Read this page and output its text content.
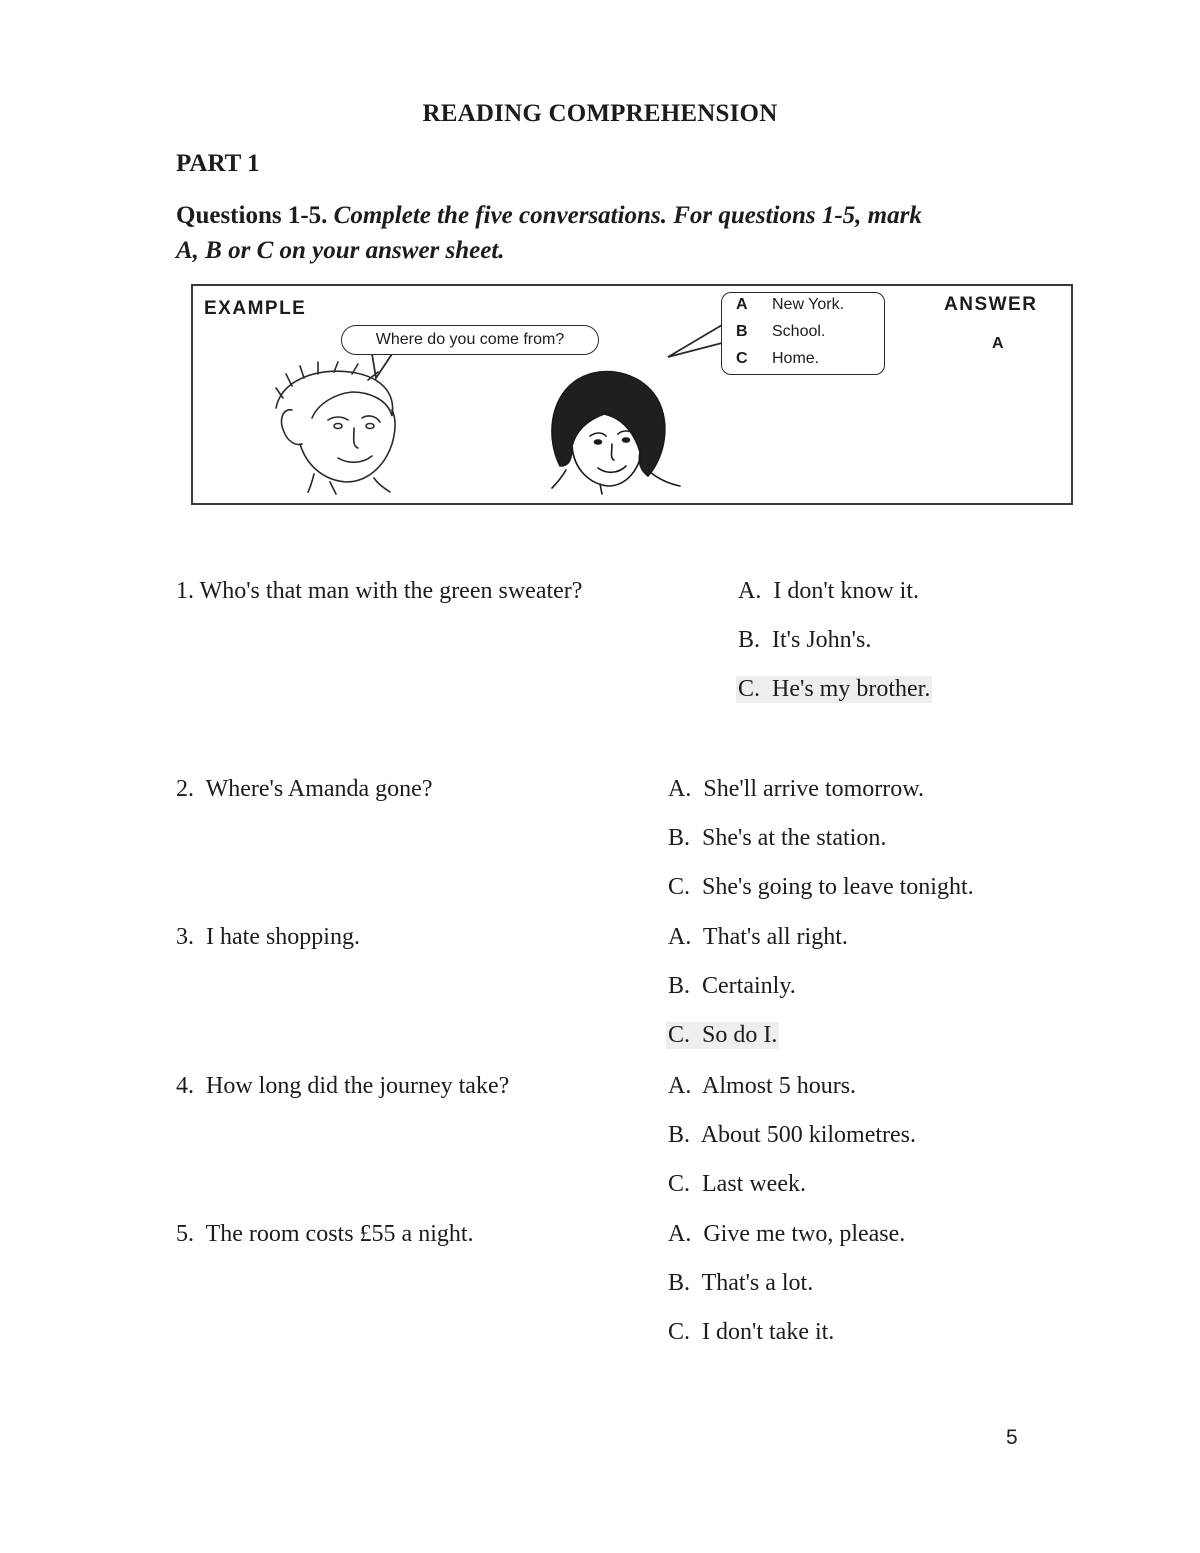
READING COMPREHENSION
PART 1
Questions 1-5. Complete the five conversations. For questions 1-5, mark
A, B or C on your answer sheet.
EXAMPLE	ANSWER
A
Where do you come from?
A New York.
B School.
C Home.
1. Who's that man with the green sweater?	A. I don't know it.
B. It's John's.
C. He's my brother.
2. Where's Amanda gone?	A. She'll arrive tomorrow.
B. She's at the station.
C. She's going to leave tonight.
3. I hate shopping.	A. That's all right.
B. Certainly.
C. So do I.
4. How long did the journey take?	A. Almost 5 hours.
B. About 500 kilometres.
C. Last week.
5. The room costs £55 a night.	A. Give me two, please.
B. That's a lot.
C. I don't take it.
5
